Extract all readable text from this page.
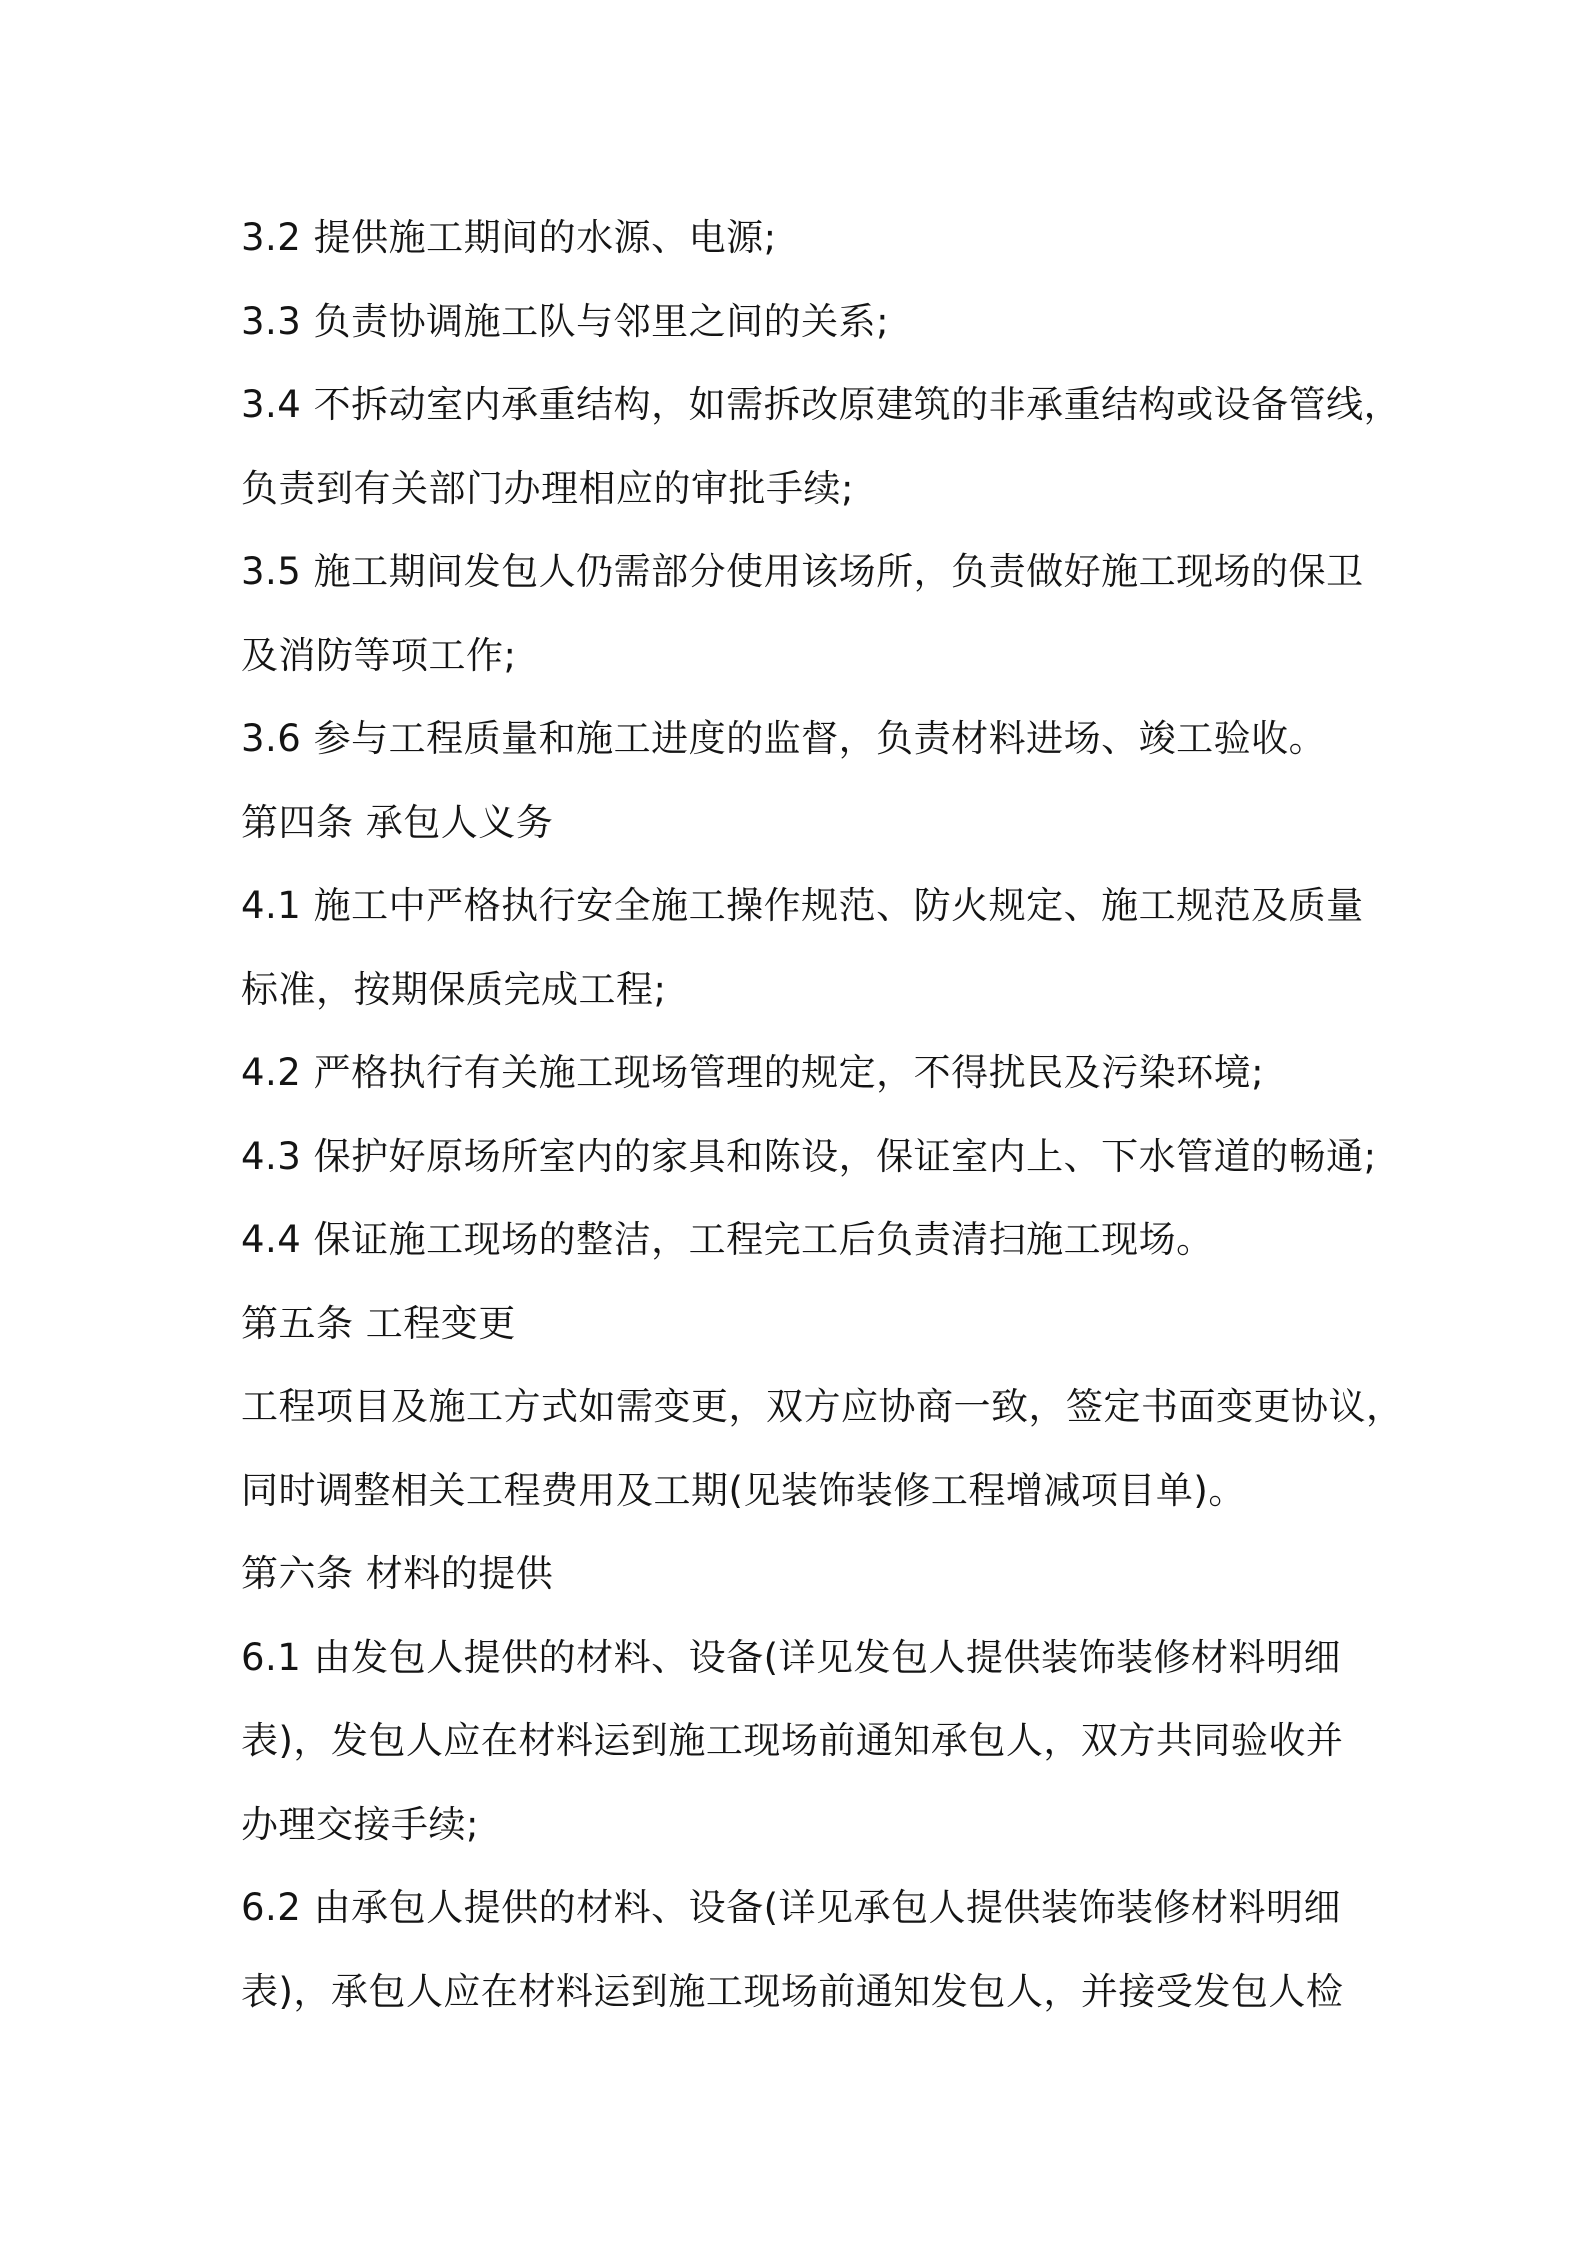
3.2 提供施工期间的水源、电源;
3.3 负责协调施工队与邻里之间的关系;
3.4 不拆动室内承重结构，如需拆改原建筑的非承重结构或设备管线，
负责到有关部门办理相应的审批手续;
3.5 施工期间发包人仍需部分使用该场所，负责做好施工现场的保卫
及消防等项工作;
3.6 参与工程质量和施工进度的监督，负责材料进场、竣工验收。
第四条 承包人义务
4.1 施工中严格执行安全施工操作规范、防火规定、施工规范及质量
标准，按期保质完成工程;
4.2 严格执行有关施工现场管理的规定，不得扰民及污染环境;
4.3 保护好原场所室内的家具和陈设，保证室内上、下水管道的畅通;
4.4 保证施工现场的整洁，工程完工后负责清扫施工现场。
第五条 工程变更
工程项目及施工方式如需变更，双方应协商一致，签定书面变更协议，
同时调整相关工程费用及工期(见装饰装修工程增减项目单)。
第六条 材料的提供
6.1 由发包人提供的材料、设备(详见发包人提供装饰装修材料明细
表)，发包人应在材料运到施工现场前通知承包人，双方共同验收并
办理交接手续;
6.2 由承包人提供的材料、设备(详见承包人提供装饰装修材料明细
表)，承包人应在材料运到施工现场前通知发包人，并接受发包人检
